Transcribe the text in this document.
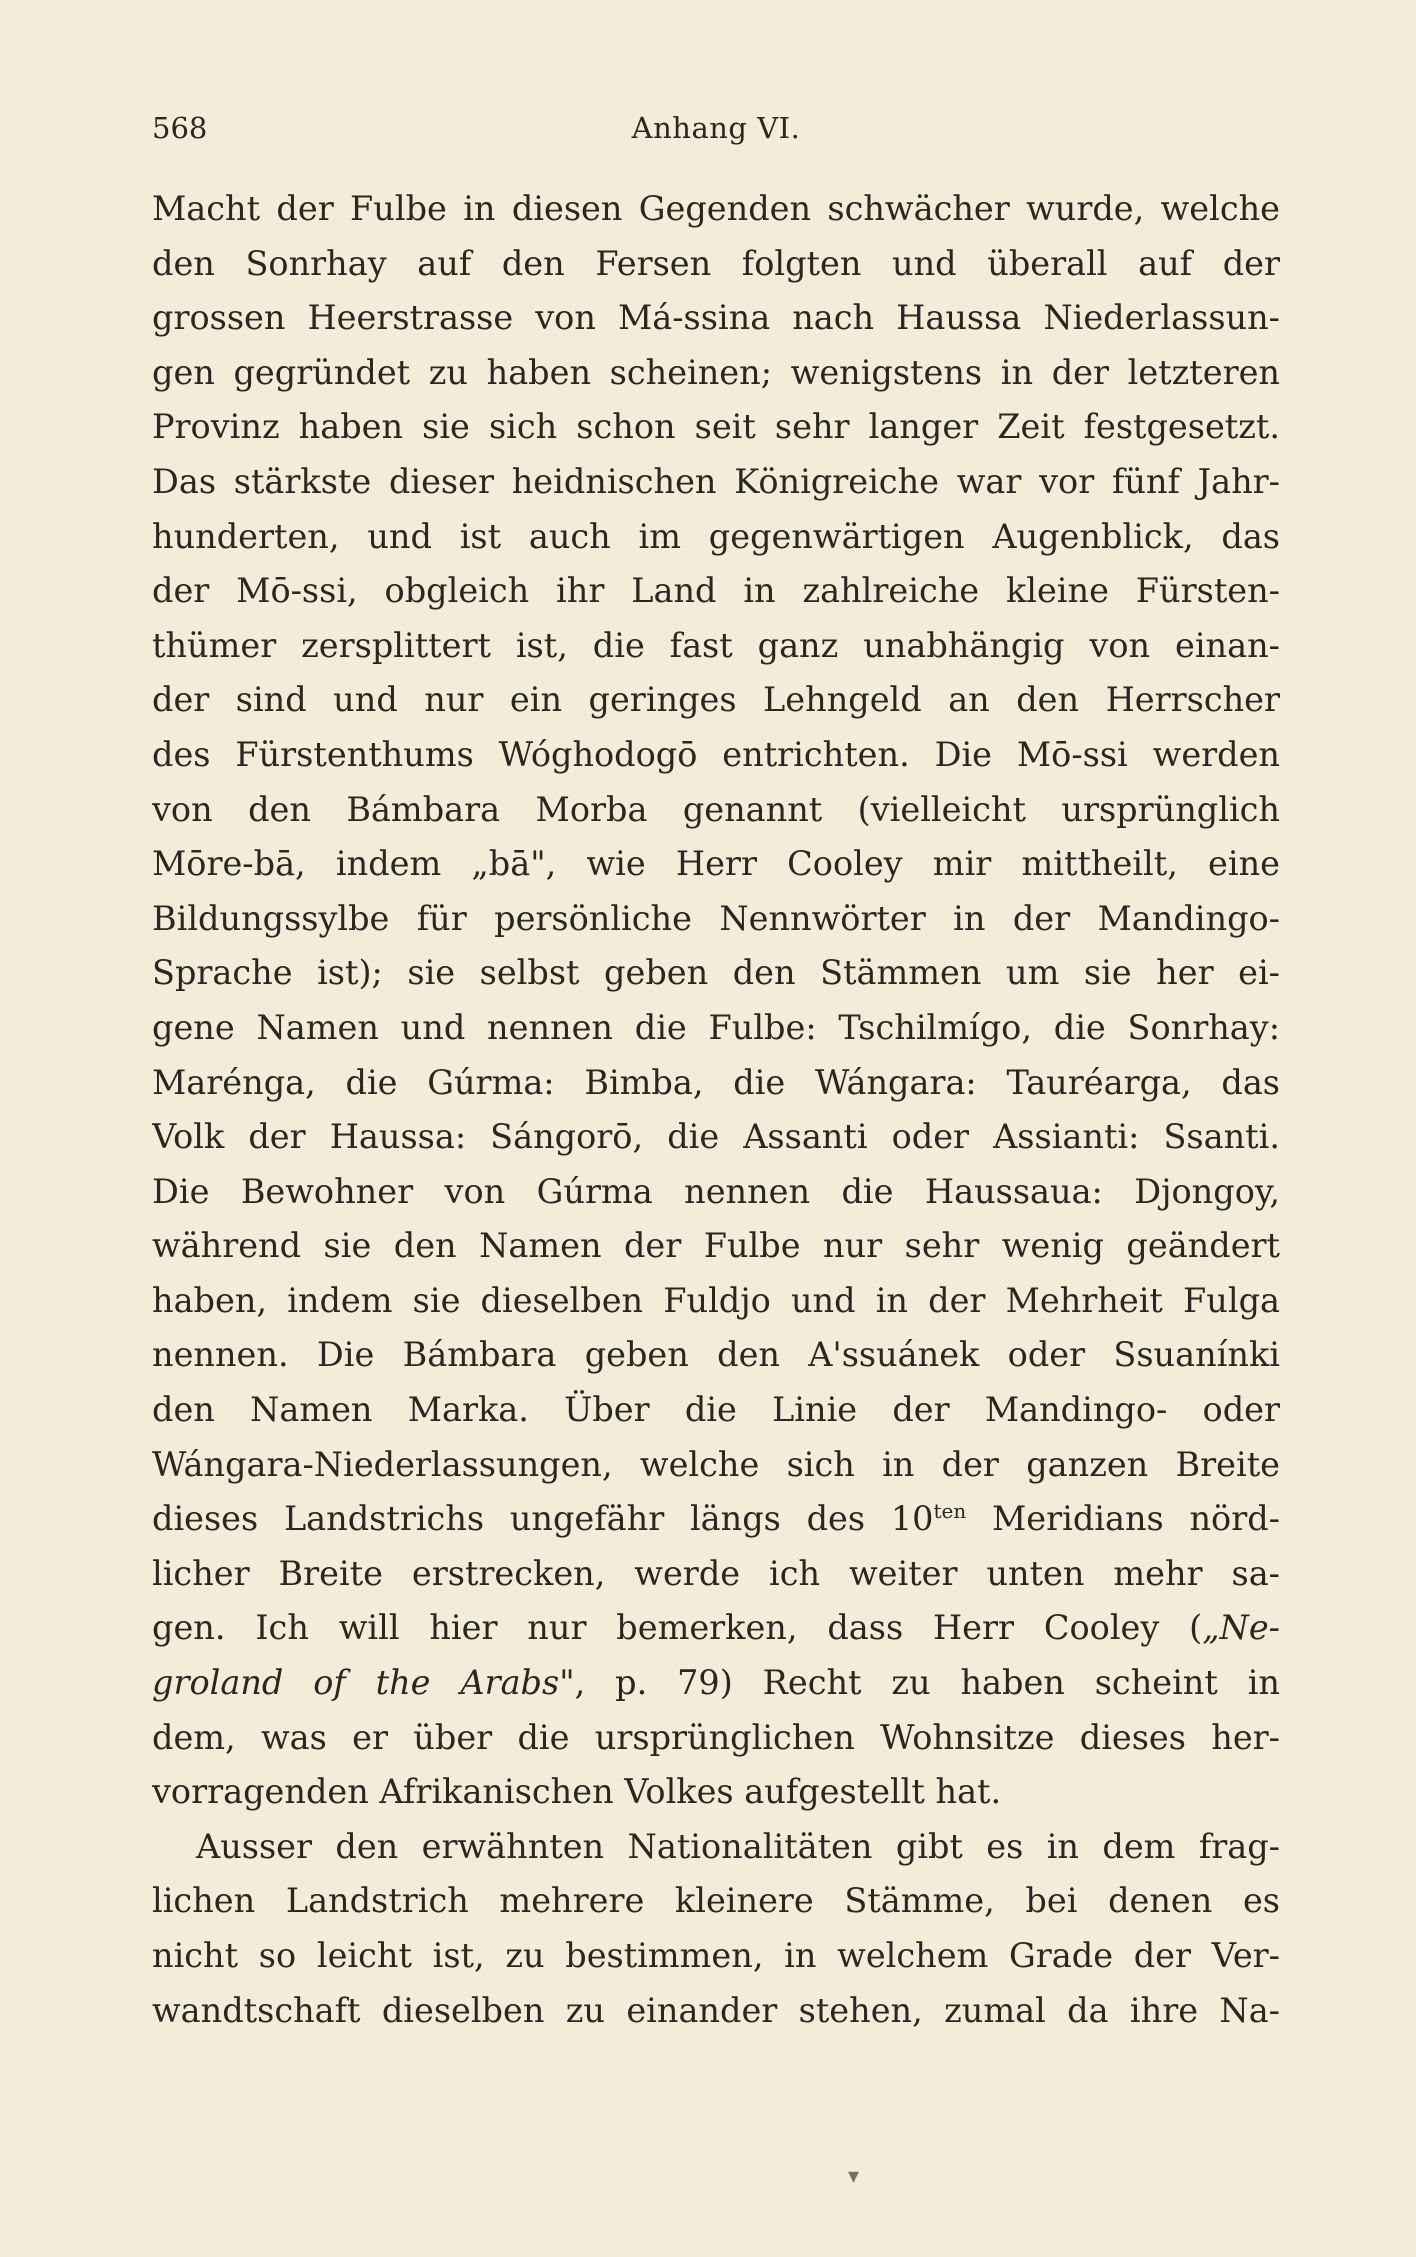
568	Anhang VI.
Macht der Fulbe in diesen Gegenden schwächer wurde, welche
den Sonrhay auf den Fersen folgten und überall auf der
grossen Heerstrasse von Má-ssina nach Haussa Niederlassun-
gen gegründet zu haben scheinen; wenigstens in der letzteren
Provinz haben sie sich schon seit sehr langer Zeit festgesetzt.
Das stärkste dieser heidnischen Königreiche war vor fünf Jahr-
hunderten, und ist auch im gegenwärtigen Augenblick, das
der Mō-ssi, obgleich ihr Land in zahlreiche kleine Fürsten-
thümer zersplittert ist, die fast ganz unabhängig von einan-
der sind und nur ein geringes Lehngeld an den Herrscher
des Fürstenthums Wóghodogō entrichten. Die Mō-ssi werden
von den Bámbara Morba genannt (vielleicht ursprünglich
Mōre-bā, indem „bā", wie Herr Cooley mir mittheilt, eine
Bildungssylbe für persönliche Nennwörter in der Mandingo-
Sprache ist); sie selbst geben den Stämmen um sie her ei-
gene Namen und nennen die Fulbe: Tschilmígo, die Sonrhay:
Marénga, die Gúrma: Bimba, die Wángara: Tauréarga, das
Volk der Haussa: Sángorō, die Assanti oder Assianti: Ssanti.
Die Bewohner von Gúrma nennen die Haussaua: Djongoy,
während sie den Namen der Fulbe nur sehr wenig geändert
haben, indem sie dieselben Fuldjo und in der Mehrheit Fulga
nennen. Die Bámbara geben den A'ssuánek oder Ssuanínki
den Namen Marka. Über die Linie der Mandingo- oder
Wángara-Niederlassungen, welche sich in der ganzen Breite
dieses Landstrichs ungefähr längs des $10^{ten}$ Meridians nörd-
licher Breite erstrecken, werde ich weiter unten mehr sa-
gen. Ich will hier nur bemerken, dass Herr Cooley („Ne-
groland of the Arabs", p. 79) Recht zu haben scheint in
dem, was er über die ursprünglichen Wohnsitze dieses her-
vorragenden Afrikanischen Volkes aufgestellt hat.
Ausser den erwähnten Nationalitäten gibt es in dem frag-
lichen Landstrich mehrere kleinere Stämme, bei denen es
nicht so leicht ist, zu bestimmen, in welchem Grade der Ver-
wandtschaft dieselben zu einander stehen, zumal da ihre Na-
▾
